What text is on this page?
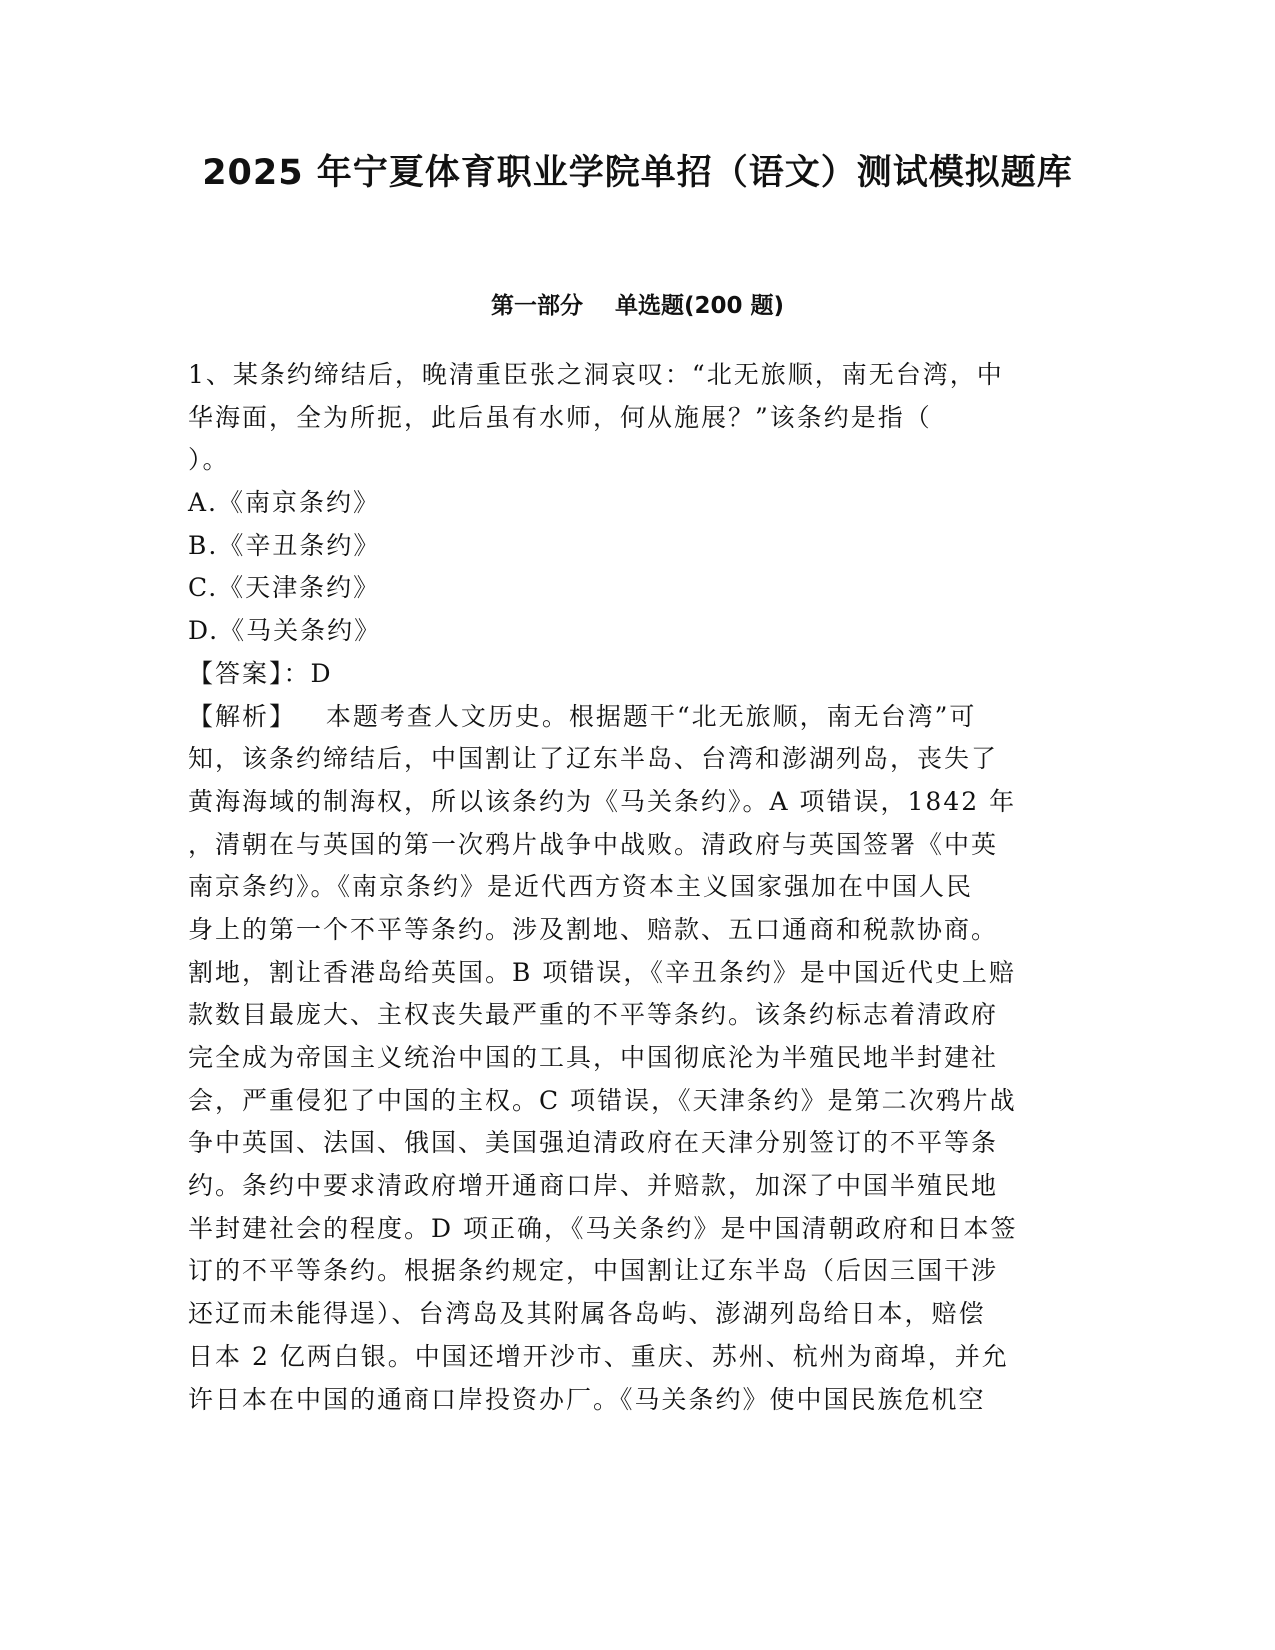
2025 年宁夏体育职业学院单招（语文）测试模拟题库
第一部分    单选题(200 题)
1、某条约缔结后，晚清重臣张之洞哀叹：“北无旅顺，南无台湾，中
华海面，全为所扼，此后虽有水师，何从施展？”该条约是指（
）。
A.《南京条约》
B.《辛丑条约》
C.《天津条约》
D.《马关条约》
【答案】：D
【解析】   本题考查人文历史。根据题干“北无旅顺，南无台湾”可
知，该条约缔结后，中国割让了辽东半岛、台湾和澎湖列岛，丧失了
黄海海域的制海权，所以该条约为《马关条约》。A 项错误，1842 年
，清朝在与英国的第一次鸦片战争中战败。清政府与英国签署《中英
南京条约》。《南京条约》是近代西方资本主义国家强加在中国人民
身上的第一个不平等条约。涉及割地、赔款、五口通商和税款协商。
割地，割让香港岛给英国。B 项错误，《辛丑条约》是中国近代史上赔
款数目最庞大、主权丧失最严重的不平等条约。该条约标志着清政府
完全成为帝国主义统治中国的工具，中国彻底沦为半殖民地半封建社
会，严重侵犯了中国的主权。C 项错误，《天津条约》是第二次鸦片战
争中英国、法国、俄国、美国强迫清政府在天津分别签订的不平等条
约。条约中要求清政府增开通商口岸、并赔款，加深了中国半殖民地
半封建社会的程度。D 项正确，《马关条约》是中国清朝政府和日本签
订的不平等条约。根据条约规定，中国割让辽东半岛（后因三国干涉
还辽而未能得逞）、台湾岛及其附属各岛屿、澎湖列岛给日本，赔偿
日本 2 亿两白银。中国还增开沙市、重庆、苏州、杭州为商埠，并允
许日本在中国的通商口岸投资办厂。《马关条约》使中国民族危机空
